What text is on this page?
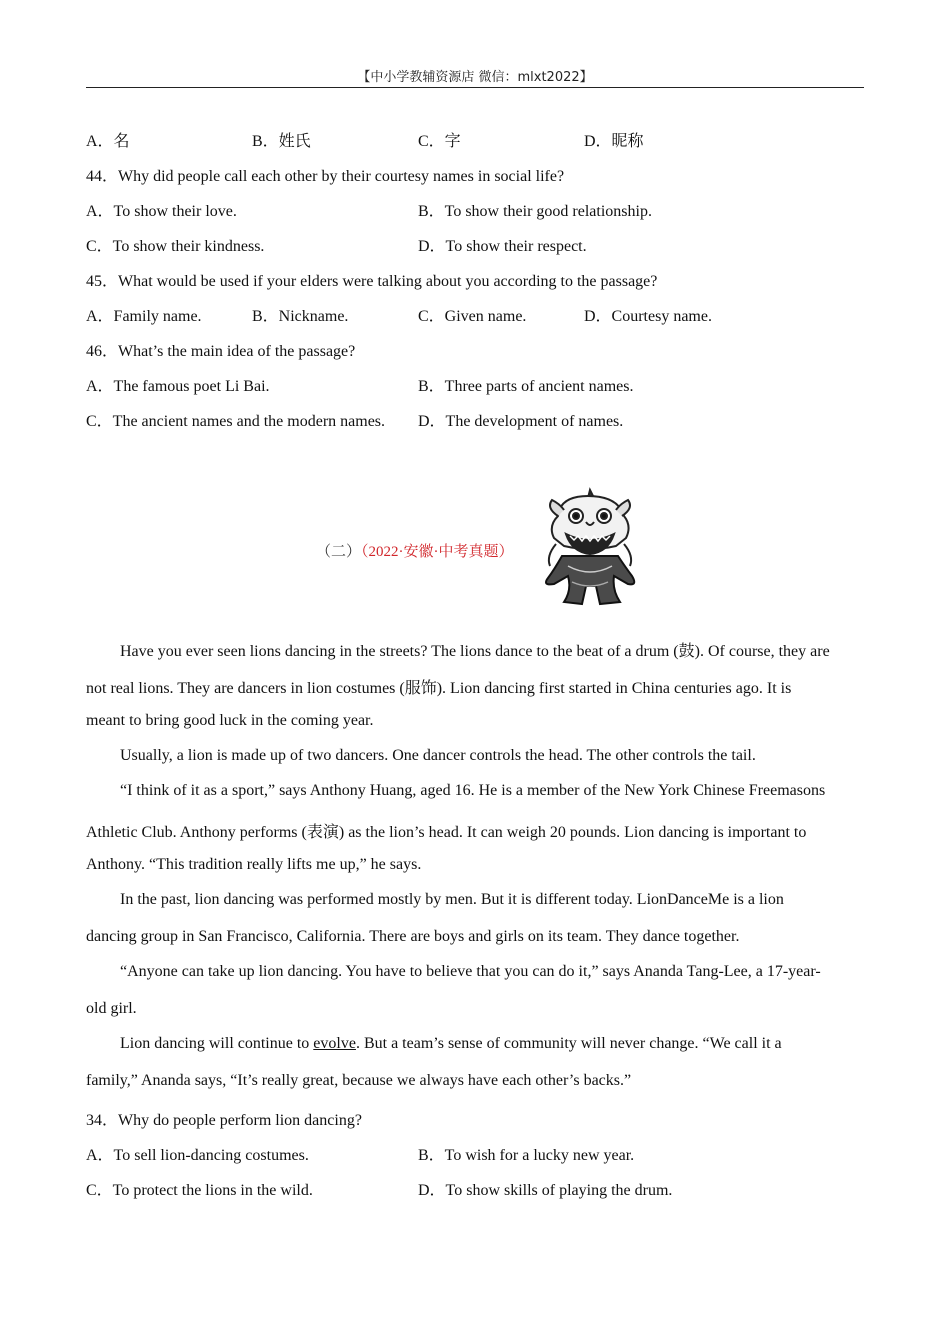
【中小学教辅资源店 微信：mlxt2022】
A．名	B．姓氏	C．字	D．昵称
44．Why did people call each other by their courtesy names in social life?
A．To show their love.	B．To show their good relationship.
C．To show their kindness.	D．To show their respect.
45．What would be used if your elders were talking about you according to the passage?
A．Family name.	B．Nickname.	C．Given name.	D．Courtesy name.
46．What’s the main idea of the passage?
A．The famous poet Li Bai.	B．Three parts of ancient names.
C．The ancient names and the modern names. D．The development of names.
（二）（2022·安徽·中考真题）
Have you ever seen lions dancing in the streets? The lions dance to the beat of a drum (鼓). Of course, they are
not real lions. They are dancers in lion costumes (服饰). Lion dancing first started in China centuries ago. It is
meant to bring good luck in the coming year.
Usually, a lion is made up of two dancers. One dancer controls the head. The other controls the tail.
“I think of it as a sport,” says Anthony Huang, aged 16. He is a member of the New York Chinese Freemasons
Athletic Club. Anthony performs (表演) as the lion’s head. It can weigh 20 pounds. Lion dancing is important to
Anthony. “This tradition really lifts me up,” he says.
In the past, lion dancing was performed mostly by men. But it is different today. LionDanceMe is a lion
dancing group in San Francisco, California. There are boys and girls on its team. They dance together.
“Anyone can take up lion dancing. You have to believe that you can do it,” says Ananda Tang-Lee, a 17-year-
old girl.
Lion dancing will continue to evolve. But a team’s sense of community will never change. “We call it a
family,” Ananda says, “It’s really great, because we always have each other’s backs.”
34．Why do people perform lion dancing?
A．To sell lion-dancing costumes.	B．To wish for a lucky new year.
C．To protect the lions in the wild.	D．To show skills of playing the drum.
